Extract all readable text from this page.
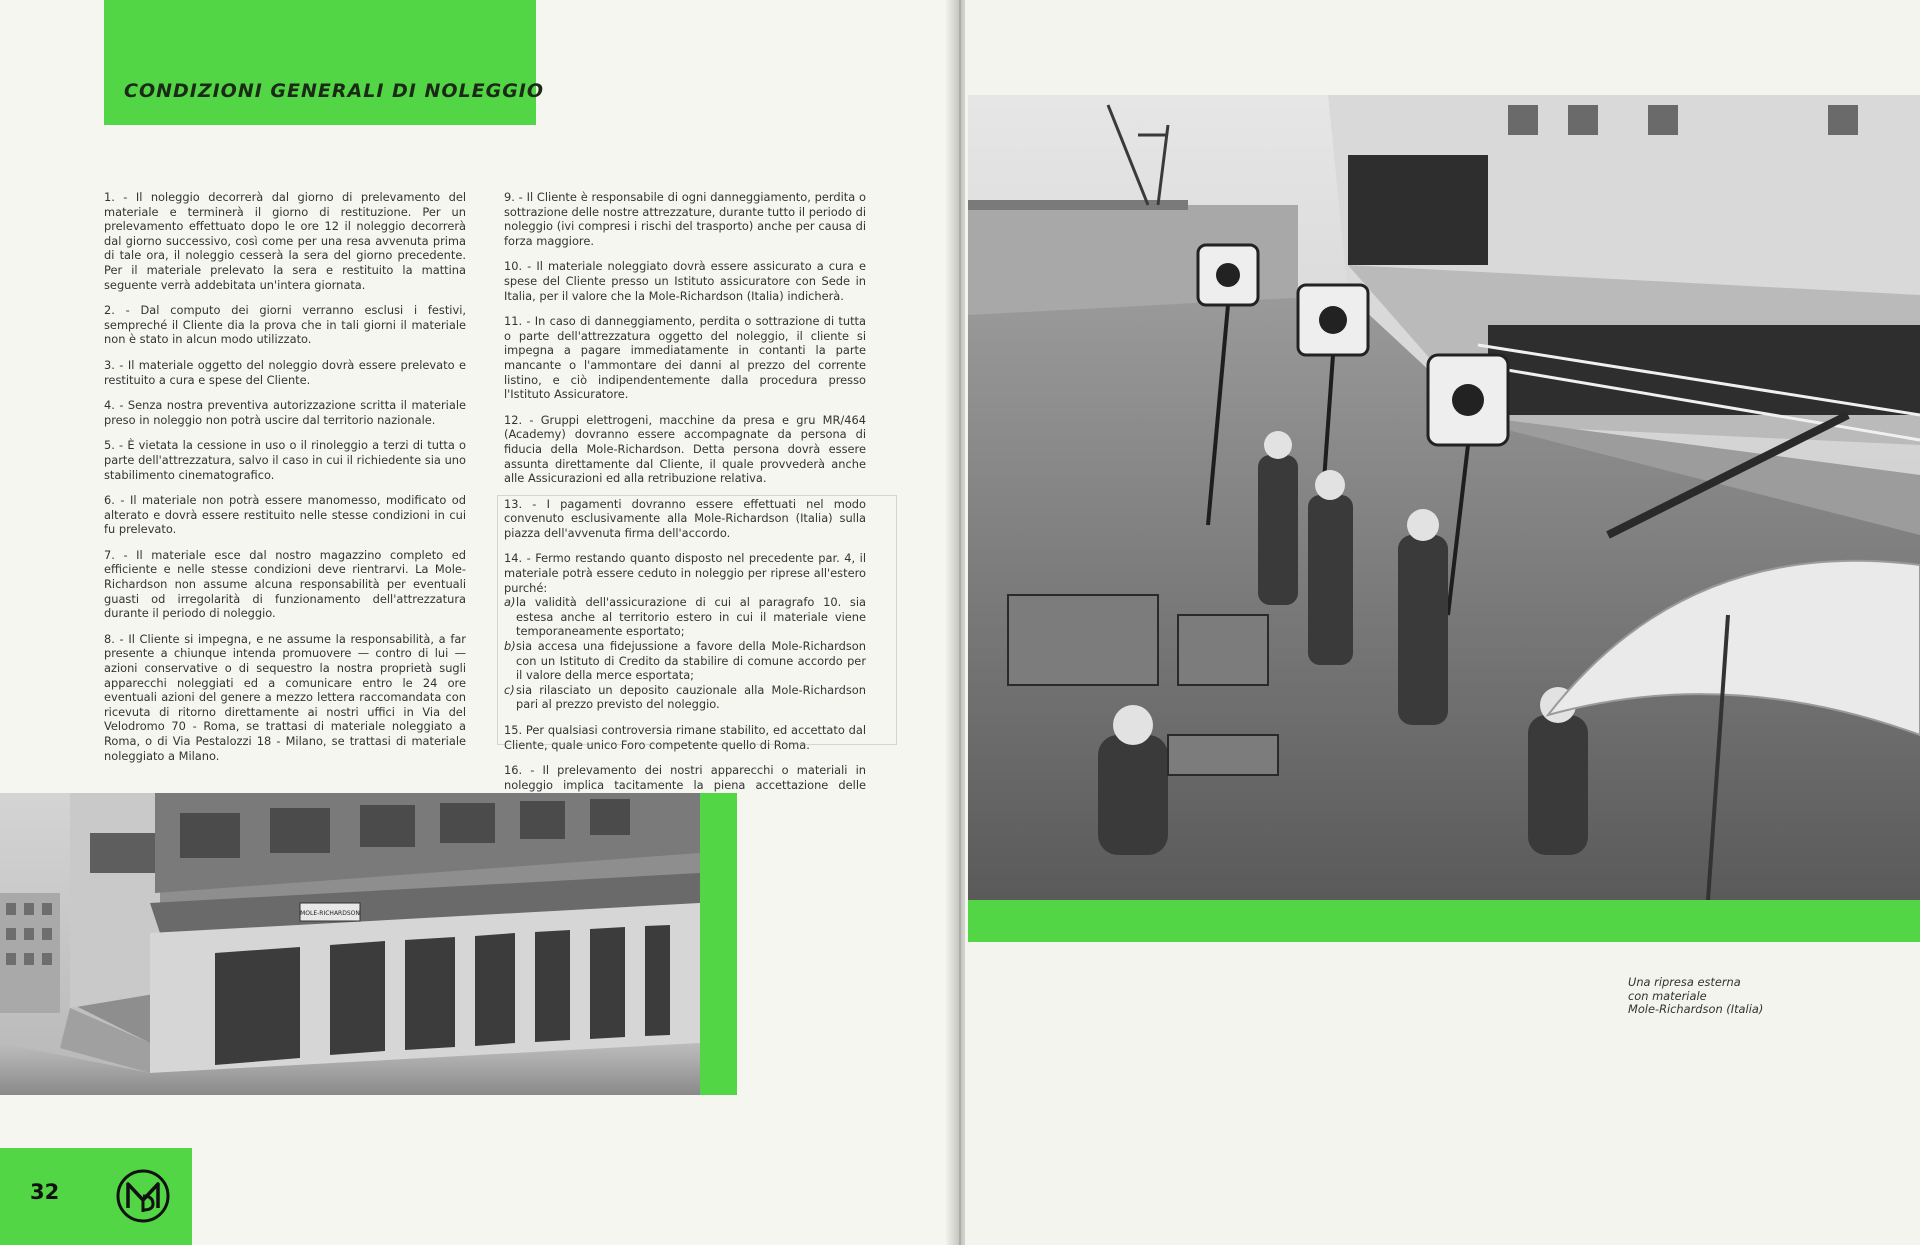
CONDIZIONI GENERALI DI NOLEGGIO

1. - Il noleggio decorrerà dal giorno di prelevamento del materiale e terminerà il giorno di restituzione. Per un prelevamento effettuato dopo le ore 12 il noleggio decorrerà dal giorno successivo, così come per una resa avvenuta prima di tale ora, il noleggio cesserà la sera del giorno precedente. Per il materiale prelevato la sera e restituito la mattina seguente verrà addebitata un'intera giornata.

2. - Dal computo dei giorni verranno esclusi i festivi, sempreché il Cliente dia la prova che in tali giorni il materiale non è stato in alcun modo utilizzato.

3. - Il materiale oggetto del noleggio dovrà essere prelevato e restituito a cura e spese del Cliente.

4. - Senza nostra preventiva autorizzazione scritta il materiale preso in noleggio non potrà uscire dal territorio nazionale.

5. - È vietata la cessione in uso o il rinoleggio a terzi di tutta o parte dell'attrezzatura, salvo il caso in cui il richiedente sia uno stabilimento cinematografico.

6. - Il materiale non potrà essere manomesso, modificato od alterato e dovrà essere restituito nelle stesse condizioni in cui fu prelevato.

7. - Il materiale esce dal nostro magazzino completo ed efficiente e nelle stesse condizioni deve rientrarvi. La Mole-Richardson non assume alcuna responsabilità per eventuali guasti od irregolarità di funzionamento dell'attrezzatura durante il periodo di noleggio.

8. - Il Cliente si impegna, e ne assume la responsabilità, a far presente a chiunque intenda promuovere — contro di lui — azioni conservative o di sequestro la nostra proprietà sugli apparecchi noleggiati ed a comunicare entro le 24 ore eventuali azioni del genere a mezzo lettera raccomandata con ricevuta di ritorno direttamente ai nostri uffici in Via del Velodromo 70 - Roma, se trattasi di materiale noleggiato a Roma, o di Via Pestalozzi 18 - Milano, se trattasi di materiale noleggiato a Milano.

9. - Il Cliente è responsabile di ogni danneggiamento, perdita o sottrazione delle nostre attrezzature, durante tutto il periodo di noleggio (ivi compresi i rischi del trasporto) anche per causa di forza maggiore.

10. - Il materiale noleggiato dovrà essere assicurato a cura e spese del Cliente presso un Istituto assicuratore con Sede in Italia, per il valore che la Mole-Richardson (Italia) indicherà.

11. - In caso di danneggiamento, perdita o sottrazione di tutta o parte dell'attrezzatura oggetto del noleggio, il cliente si impegna a pagare immediatamente in contanti la parte mancante o l'ammontare dei danni al prezzo del corrente listino, e ciò indipendentemente dalla procedura presso l'Istituto Assicuratore.

12. - Gruppi elettrogeni, macchine da presa e gru MR/464 (Academy) dovranno essere accompagnate da persona di fiducia della Mole-Richardson. Detta persona dovrà essere assunta direttamente dal Cliente, il quale provvederà anche alle Assicurazioni ed alla retribuzione relativa.

13. - I pagamenti dovranno essere effettuati nel modo convenuto esclusivamente alla Mole-Richardson (Italia) sulla piazza dell'avvenuta firma dell'accordo.

14. - Fermo restando quanto disposto nel precedente par. 4, il materiale potrà essere ceduto in noleggio per riprese all'estero purché:

a)la validità dell'assicurazione di cui al paragrafo 10. sia estesa anche al territorio estero in cui il materiale viene temporaneamente esportato;
b)sia accesa una fidejussione a favore della Mole-Richardson con un Istituto di Credito da stabilire di comune accordo per il valore della merce esportata;
c)sia rilasciato un deposito cauzionale alla Mole-Richardson pari al prezzo previsto del noleggio.

15. Per qualsiasi controversia rimane stabilito, ed accettato dal Cliente, quale unico Foro competente quello di Roma.

16. - Il prelevamento dei nostri apparecchi o materiali in noleggio implica tacitamente la piena accettazione delle

MOLE-RICHARDSON
32
Una ripresa esterna
con materiale
Mole-Richardson (Italia)
